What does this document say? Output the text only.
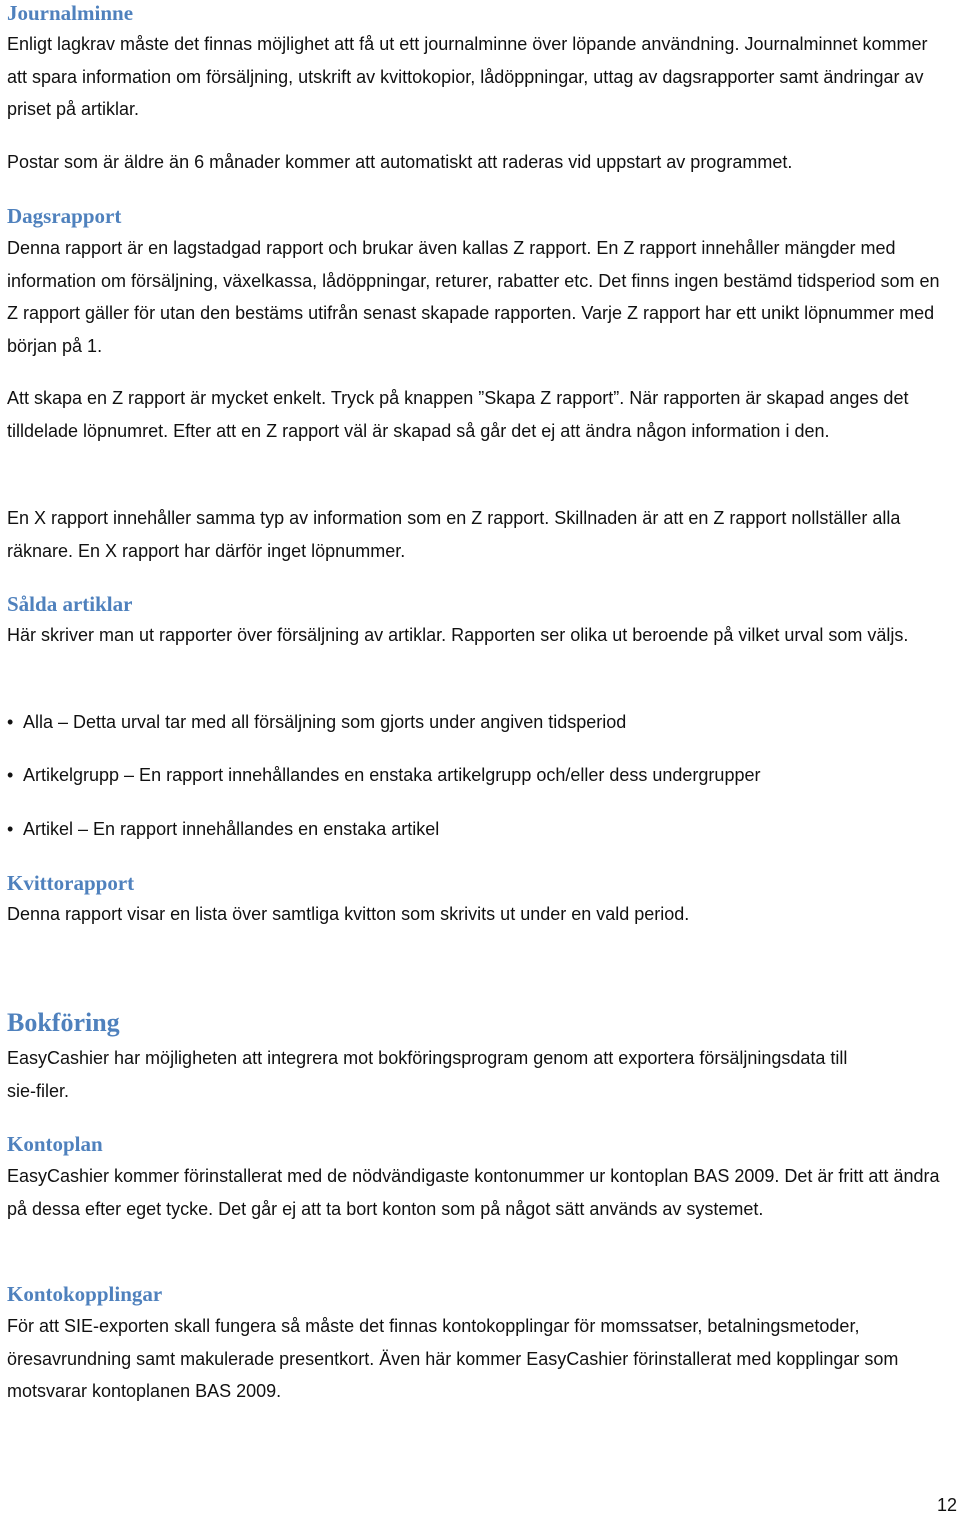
Journalminne

Enligt lagkrav måste det finnas möjlighet att få ut ett journalminne över löpande användning. Journalminnet kommer att spara information om försäljning, utskrift av kvittokopior, lådöppningar, uttag av dagsrapporter samt ändringar av priset på artiklar.

Postar som är äldre än 6 månader kommer att automatiskt att raderas vid uppstart av programmet.

Dagsrapport

Denna rapport är en lagstadgad rapport och brukar även kallas Z rapport. En Z rapport innehåller mängder med information om försäljning, växelkassa, lådöppningar, returer, rabatter etc. Det finns ingen bestämd tidsperiod som en Z rapport gäller för utan den bestäms utifrån senast skapade rapporten. Varje Z rapport har ett unikt löpnummer med början på 1.

Att skapa en Z rapport är mycket enkelt. Tryck på knappen ”Skapa Z rapport”. När rapporten är skapad anges det tilldelade löpnumret. Efter att en Z rapport väl är skapad så går det ej att ändra någon information i den.

En X rapport innehåller samma typ av information som en Z rapport. Skillnaden är att en Z rapport nollställer alla räknare. En X rapport har därför inget löpnummer.

Sålda artiklar

Här skriver man ut rapporter över försäljning av artiklar. Rapporten ser olika ut beroende på vilket urval som väljs.

• Alla – Detta urval tar med all försäljning som gjorts under angiven tidsperiod

• Artikelgrupp – En rapport innehållandes en enstaka artikelgrupp och/eller dess undergrupper

• Artikel – En rapport innehållandes en enstaka artikel

Kvittorapport

Denna rapport visar en lista över samtliga kvitton som skrivits ut under en vald period.

Bokföring

EasyCashier har möjligheten att integrera mot bokföringsprogram genom att exportera försäljningsdata till sie-filer.

Kontoplan

EasyCashier kommer förinstallerat med de nödvändigaste kontonummer ur kontoplan BAS 2009. Det är fritt att ändra på dessa efter eget tycke. Det går ej att ta bort konton som på något sätt används av systemet.

Kontokopplingar

För att SIE-exporten skall fungera så måste det finnas kontokopplingar för momssatser, betalningsmetoder, öresavrundning samt makulerade presentkort. Även här kommer EasyCashier förinstallerat med kopplingar som motsvarar kontoplanen BAS 2009.

12
